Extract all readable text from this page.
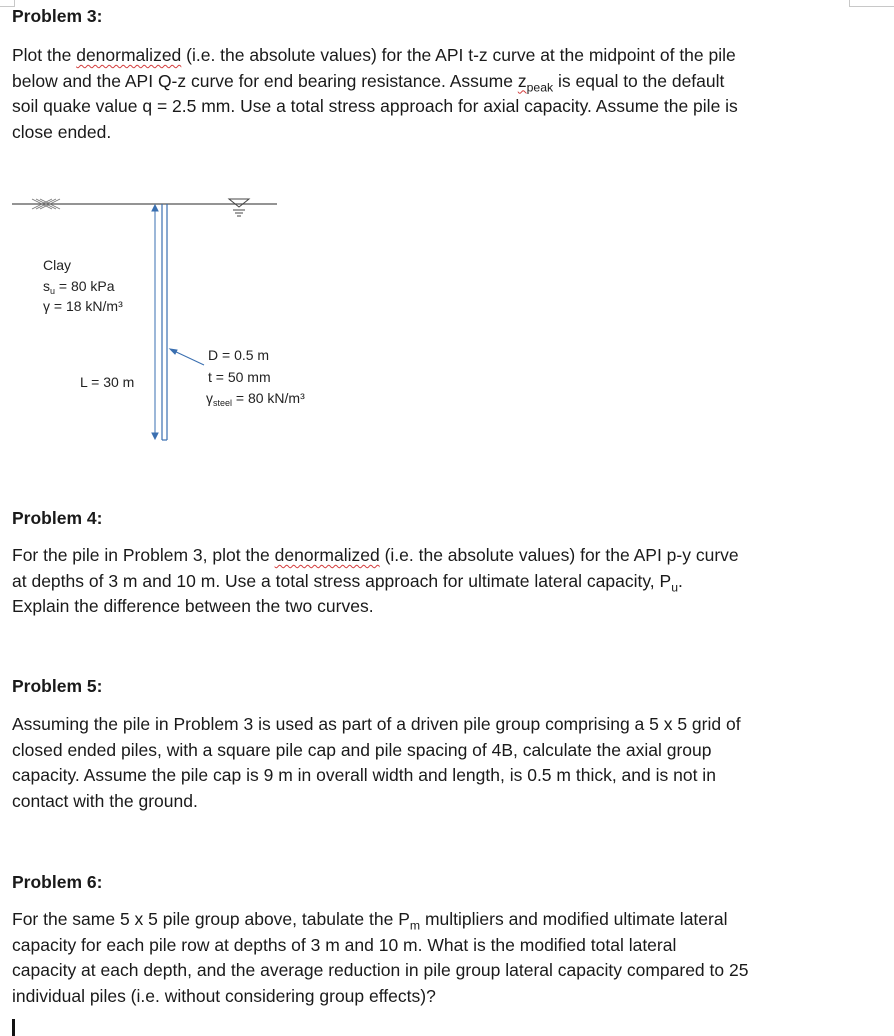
Problem 3:

Plot the denormalized (i.e. the absolute values) for the API t-z curve at the midpoint of the pile
below and the API Q-z curve for end bearing resistance. Assume $z_{peak}$ is equal to the default
soil quake value q = 2.5 mm. Use a total stress approach for axial capacity. Assume the pile is
close ended.

Clay
$s_u = 80$ kPa
γ = 18 kN/m³
L = 30 m
D = 0.5 m
t = 50 mm
$\gamma_{steel} = 80$ kN/m³

Problem 4:

For the pile in Problem 3, plot the denormalized (i.e. the absolute values) for the API p-y curve
at depths of 3 m and 10 m. Use a total stress approach for ultimate lateral capacity, $P_u$.
Explain the difference between the two curves.

Problem 5:

Assuming the pile in Problem 3 is used as part of a driven pile group comprising a 5 x 5 grid of
closed ended piles, with a square pile cap and pile spacing of 4B, calculate the axial group
capacity. Assume the pile cap is 9 m in overall width and length, is 0.5 m thick, and is not in
contact with the ground.

Problem 6:

For the same 5 x 5 pile group above, tabulate the $P_m$ multipliers and modified ultimate lateral
capacity for each pile row at depths of 3 m and 10 m. What is the modified total lateral
capacity at each depth, and the average reduction in pile group lateral capacity compared to 25
individual piles (i.e. without considering group effects)?
